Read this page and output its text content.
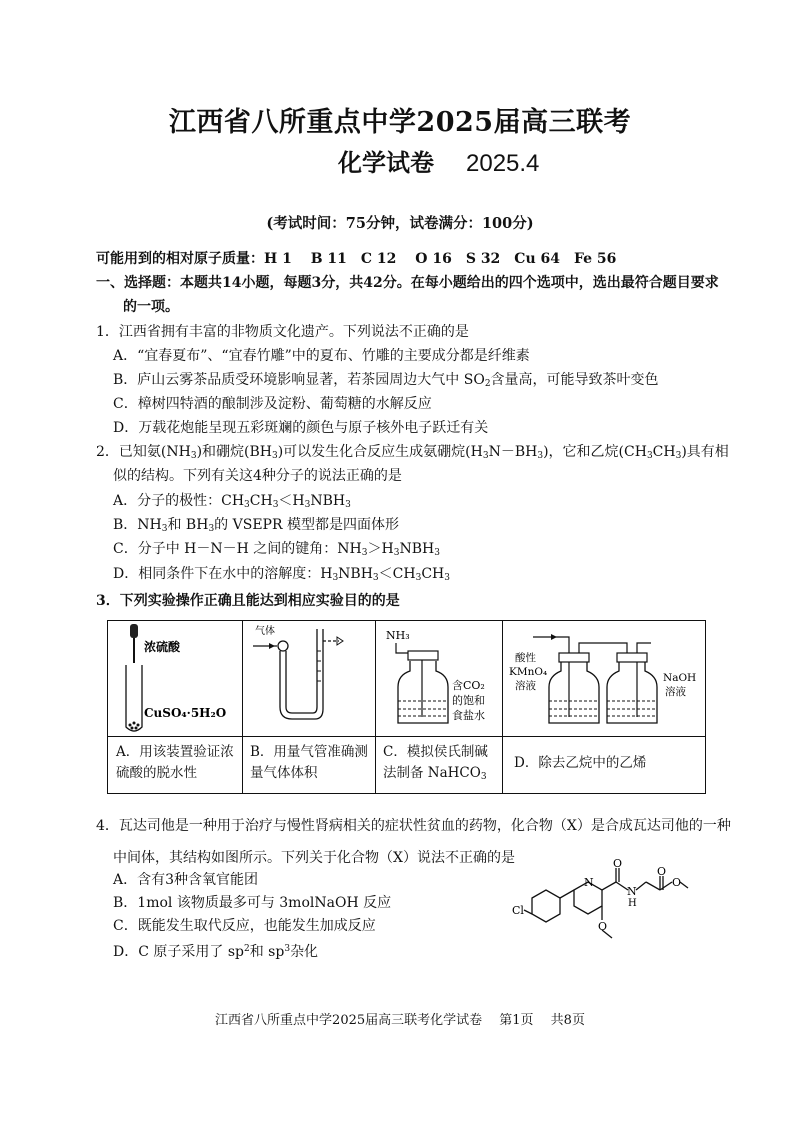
江西省八所重点中学2025届高三联考
化学试卷 2025.4
(考试时间：75分钟，试卷满分：100分)
可能用到的相对原子质量：H 1　 B 11　C 12　 O 16　S 32　Cu 64　Fe 56
一、选择题：本题共14小题，每题3分，共42分。在每小题给出的四个选项中，选出最符合题目要求
的一项。
1．江西省拥有丰富的非物质文化遗产。下列说法不正确的是
A．“宜春夏布”、“宜春竹雕”中的夏布、竹雕的主要成分都是纤维素
B．庐山云雾茶品质受环境影响显著，若茶园周边大气中 $SO_2$含量高，可能导致茶叶变色
C．樟树四特酒的酿制涉及淀粉、葡萄糖的水解反应
D．万载花炮能呈现五彩斑斓的颜色与原子核外电子跃迁有关
2．已知氨$(NH_3)$和硼烷$(BH_3)$可以发生化合反应生成氨硼烷$(H_3N-BH_3)$，它和乙烷$(CH_3CH_3)$具有相
似的结构。下列有关这4种分子的说法正确的是
A．分子的极性：$CH_3CH_3<H_3NBH_3$
B．$NH_3$和 $BH_3$的 VSEPR 模型都是四面体形
C．分子中 H－N－H 之间的键角：$NH_3>H_3NBH_3$
D．相同条件下在水中的溶解度：$H_3NBH_3<CH_3CH_3$
3．下列实验操作正确且能达到相应实验目的的是
浓硫酸
CuSO₄·5H₂O
气体	NH₃
含CO₂
的饱和
食盐水
酸性
KMnO₄
溶液
NaOH
溶液
A．用该装置验证浓硫酸的脱水性
B．用量气管准确测量气体体积
C．模拟侯氏制碱法制备 NaHCO$_3$
D．除去乙烷中的乙烯
4．瓦达司他是一种用于治疗与慢性肾病相关的症状性贫血的药物，化合物（X）是合成瓦达司他的一种
中间体，其结构如图所示。下列关于化合物（X）说法不正确的是
A．含有3种含氧官能团
B．1mol 该物质最多可与 3molNaOH 反应
C．既能发生取代反应，也能发生加成反应
D．C 原子采用了 $sp^2$和 $sp^3$杂化
Cl
N
O
N
H
O
O
O
江西省八所重点中学2025届高三联考化学试卷　 第1页　 共8页
